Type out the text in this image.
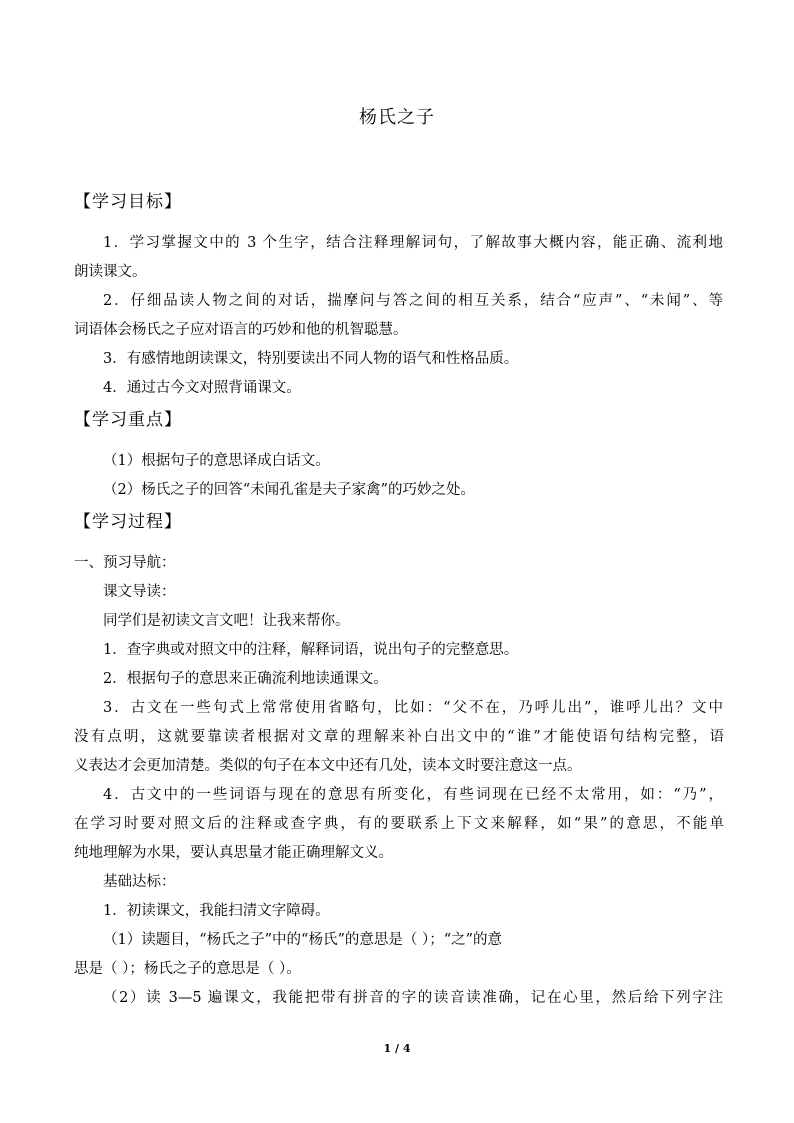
杨氏之子
【学习目标】
1．学习掌握文中的 3 个生字，结合注释理解词句，了解故事大概内容，能正确、流利地
朗读课文。
2．仔细品读人物之间的对话，揣摩问与答之间的相互关系，结合“应声”、“未闻”、等
词语体会杨氏之子应对语言的巧妙和他的机智聪慧。
3．有感情地朗读课文，特别要读出不同人物的语气和性格品质。
4．通过古今文对照背诵课文。
【学习重点】
（1）根据句子的意思译成白话文。
（2）杨氏之子的回答“未闻孔雀是夫子家禽”的巧妙之处。
【学习过程】
一、预习导航：
课文导读：
同学们是初读文言文吧！让我来帮你。
1．查字典或对照文中的注释，解释词语，说出句子的完整意思。
2．根据句子的意思来正确流利地读通课文。
3．古文在一些句式上常常使用省略句，比如：“父不在，乃呼儿出”，谁呼儿出？文中
没有点明，这就要靠读者根据对文章的理解来补白出文中的“谁”才能使语句结构完整，语
义表达才会更加清楚。类似的句子在本文中还有几处，读本文时要注意这一点。
4．古文中的一些词语与现在的意思有所变化，有些词现在已经不太常用，如：“乃”，
在学习时要对照文后的注释或查字典，有的要联系上下文来解释，如“果”的意思，不能单
纯地理解为水果，要认真思量才能正确理解文义。
基础达标：
1．初读课文，我能扫清文字障碍。
（1）读题目，“杨氏之子”中的“杨氏”的意思是（ ）；“之”的意
思是（ ）；杨氏之子的意思是（ ）。
（2）读 3—5 遍课文，我能把带有拼音的字的读音读准确，记在心里，然后给下列字注
1 / 4
